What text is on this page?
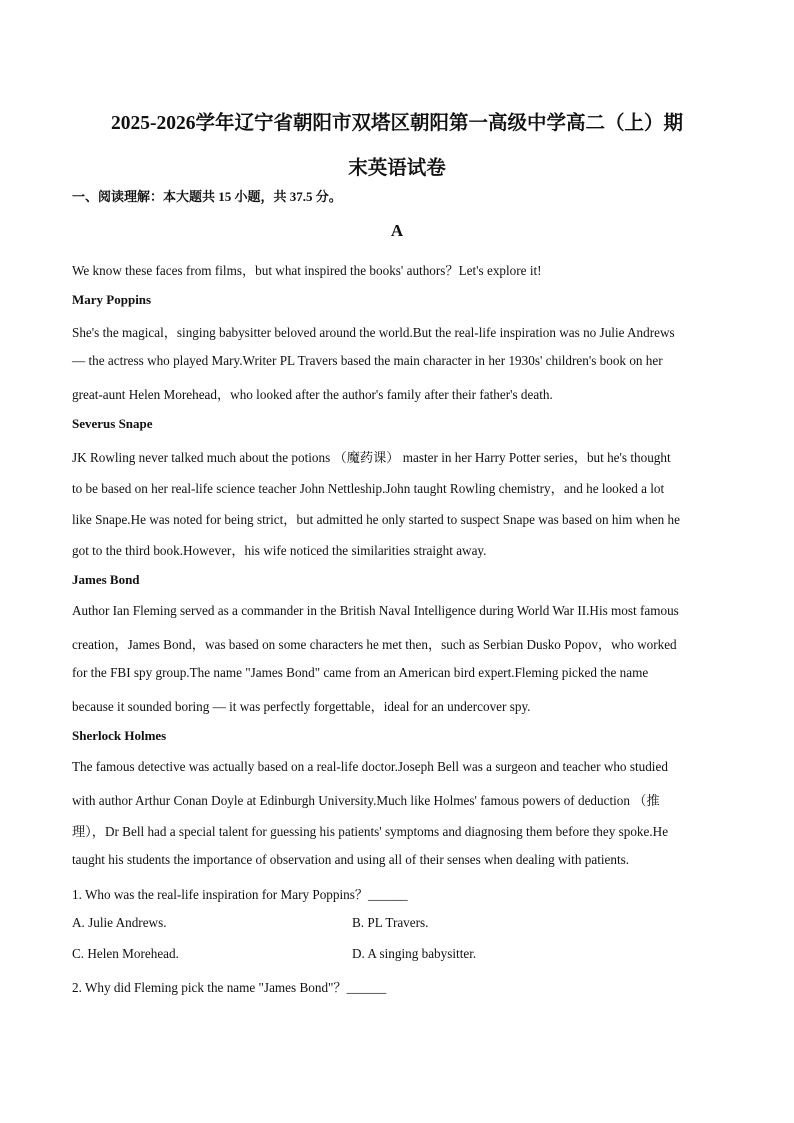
2025-2026学年辽宁省朝阳市双塔区朝阳第一高级中学高二（上）期
末英语试卷
一、阅读理解：本大题共 15 小题，共 37.5 分。
A
We know these faces from films，but what inspired the books' authors？Let's explore it!
Mary Poppins
She's the magical，singing babysitter beloved around the world.But the real-life inspiration was no Julie Andrews
— the actress who played Mary.Writer PL Travers based the main character in her 1930s' children's book on her
great-aunt Helen Morehead，who looked after the author's family after their father's death.
Severus Snape
JK Rowling never talked much about the potions （魔药课） master in her Harry Potter series，but he's thought
to be based on her real-life science teacher John Nettleship.John taught Rowling chemistry，and he looked a lot
like Snape.He was noted for being strict，but admitted he only started to suspect Snape was based on him when he
got to the third book.However，his wife noticed the similarities straight away.
James Bond
Author Ian Fleming served as a commander in the British Naval Intelligence during World War II.His most famous
creation，James Bond，was based on some characters he met then，such as Serbian Dusko Popov，who worked
for the FBI spy group.The name "James Bond" came from an American bird expert.Fleming picked the name
because it sounded boring — it was perfectly forgettable，ideal for an undercover spy.
Sherlock Holmes
The famous detective was actually based on a real-life doctor.Joseph Bell was a surgeon and teacher who studied
with author Arthur Conan Doyle at Edinburgh University.Much like Holmes' famous powers of deduction （推
理），Dr Bell had a special talent for guessing his patients' symptoms and diagnosing them before they spoke.He
taught his students the importance of observation and using all of their senses when dealing with patients.
1. Who was the real-life inspiration for Mary Poppins？______
A. Julie Andrews.	B. PL Travers.
C. Helen Morehead.	D. A singing babysitter.
2. Why did Fleming pick the name "James Bond"？______
